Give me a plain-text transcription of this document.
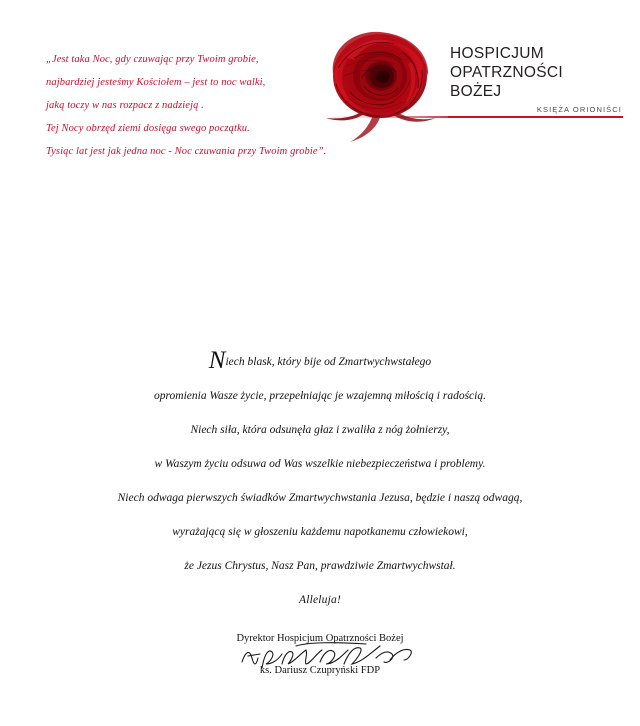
„Jest taka Noc, gdy czuwając przy Twoim grobie,
najbardziej jesteśmy Kościołem – jest to noc walki,
jaką toczy w nas rozpacz z nadzieją .
Tej Nocy obrzęd ziemi dosięga swego początku.
Tysiąc lat jest jak jedna noc - Noc czuwania przy Twoim grobie”.
HOSPICJUM
OPATRZNOŚCI
BOŻEJ
KSIĘŻA ORIONIŚCI
Niech blask, który bije od Zmartwychwstałego
opromienia Wasze życie, przepełniając je wzajemną miłością i radością.
Niech siła, która odsunęła głaz i zwaliła z nóg żołnierzy,
w Waszym życiu odsuwa od Was wszelkie niebezpieczeństwa i problemy.
Niech odwaga pierwszych świadków Zmartwychwstania Jezusa, będzie i naszą odwagą,
wyrażającą się w głoszeniu każdemu napotkanemu człowiekowi,
że Jezus Chrystus, Nasz Pan, prawdziwie Zmartwychwstał.
Alleluja!
Dyrektor Hospicjum Opatrzności Bożej
ks. Dariusz Czupryński FDP
